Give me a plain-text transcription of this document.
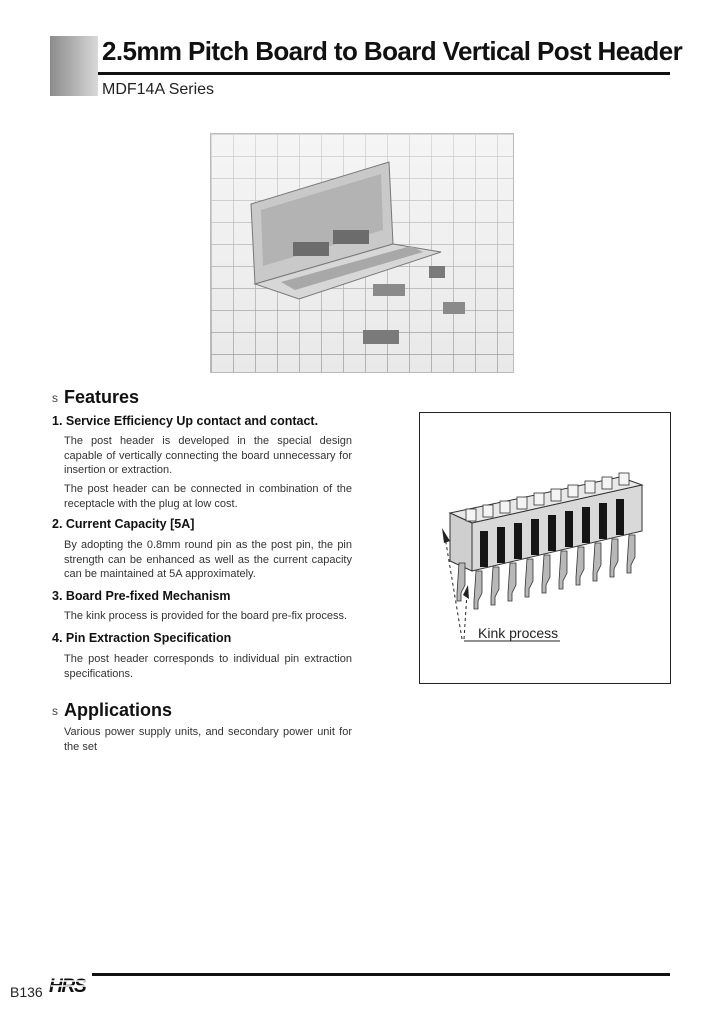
2.5mm Pitch Board to Board Vertical Post Header
MDF14A Series
s Features
1. Service Efficiency Up contact and contact.
The post header is developed in the special design capable of vertically connecting the board unnecessary for insertion or extraction.
The post header can be connected in combination of the receptacle with the plug at low cost.
2. Current Capacity [5A]
By adopting the 0.8mm round pin as the post pin, the pin strength can be enhanced as well as the current capacity can be maintained at 5A approximately.
3. Board Pre-fixed Mechanism
The kink process is provided for the board pre-fix process.
4. Pin Extraction Specification
The post header corresponds to individual pin extraction specifications.
s Applications
Various power supply units, and secondary power unit for the set
Kink process
B136 HRS
